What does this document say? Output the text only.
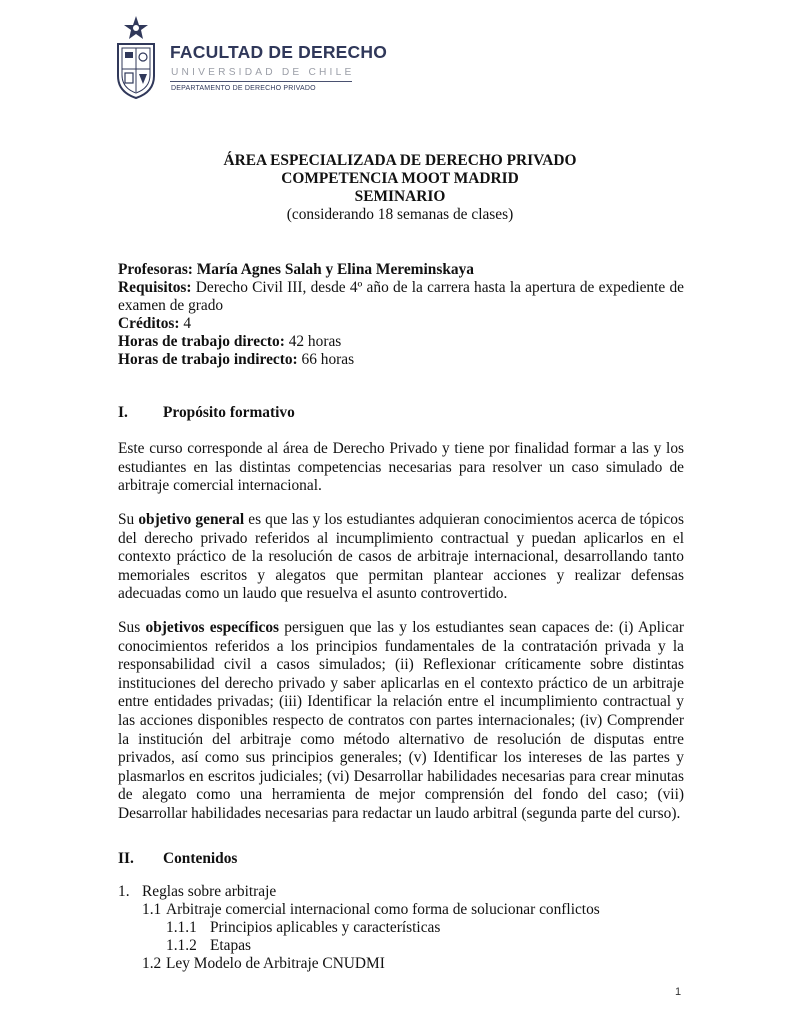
FACULTAD DE DERECHO
UNIVERSIDAD DE CHILE
DEPARTAMENTO DE DERECHO PRIVADO
ÁREA ESPECIALIZADA DE DERECHO PRIVADO
COMPETENCIA MOOT MADRID
SEMINARIO
(considerando 18 semanas de clases)

Profesoras: María Agnes Salah y Elina Mereminskaya

Requisitos: Derecho Civil III, desde 4º año de la carrera hasta la apertura de expediente de examen de grado

Créditos: 4

Horas de trabajo directo: 42 horas

Horas de trabajo indirecto: 66 horas

I. Propósito formativo

Este curso corresponde al área de Derecho Privado y tiene por finalidad formar a las y los estudiantes en las distintas competencias necesarias para resolver un caso simulado de arbitraje comercial internacional.

Su objetivo general es que las y los estudiantes adquieran conocimientos acerca de tópicos del derecho privado referidos al incumplimiento contractual y puedan aplicarlos en el contexto práctico de la resolución de casos de arbitraje internacional, desarrollando tanto memoriales escritos y alegatos que permitan plantear acciones y realizar defensas adecuadas como un laudo que resuelva el asunto controvertido.

Sus objetivos específicos persiguen que las y los estudiantes sean capaces de: (i) Aplicar conocimientos referidos a los principios fundamentales de la contratación privada y la responsabilidad civil a casos simulados; (ii) Reflexionar críticamente sobre distintas instituciones del derecho privado y saber aplicarlas en el contexto práctico de un arbitraje entre entidades privadas; (iii) Identificar la relación entre el incumplimiento contractual y las acciones disponibles respecto de contratos con partes internacionales; (iv) Comprender la institución del arbitraje como método alternativo de resolución de disputas entre privados, así como sus principios generales; (v) Identificar los intereses de las partes y plasmarlos en escritos judiciales; (vi) Desarrollar habilidades necesarias para crear minutas de alegato como una herramienta de mejor comprensión del fondo del caso; (vii) Desarrollar habilidades necesarias para redactar un laudo arbitral (segunda parte del curso).

II. Contenidos
1. Reglas sobre arbitraje
1.1 Arbitraje comercial internacional como forma de solucionar conflictos
1.1.1 Principios aplicables y características
1.1.2 Etapas
1.2 Ley Modelo de Arbitraje CNUDMI
1
